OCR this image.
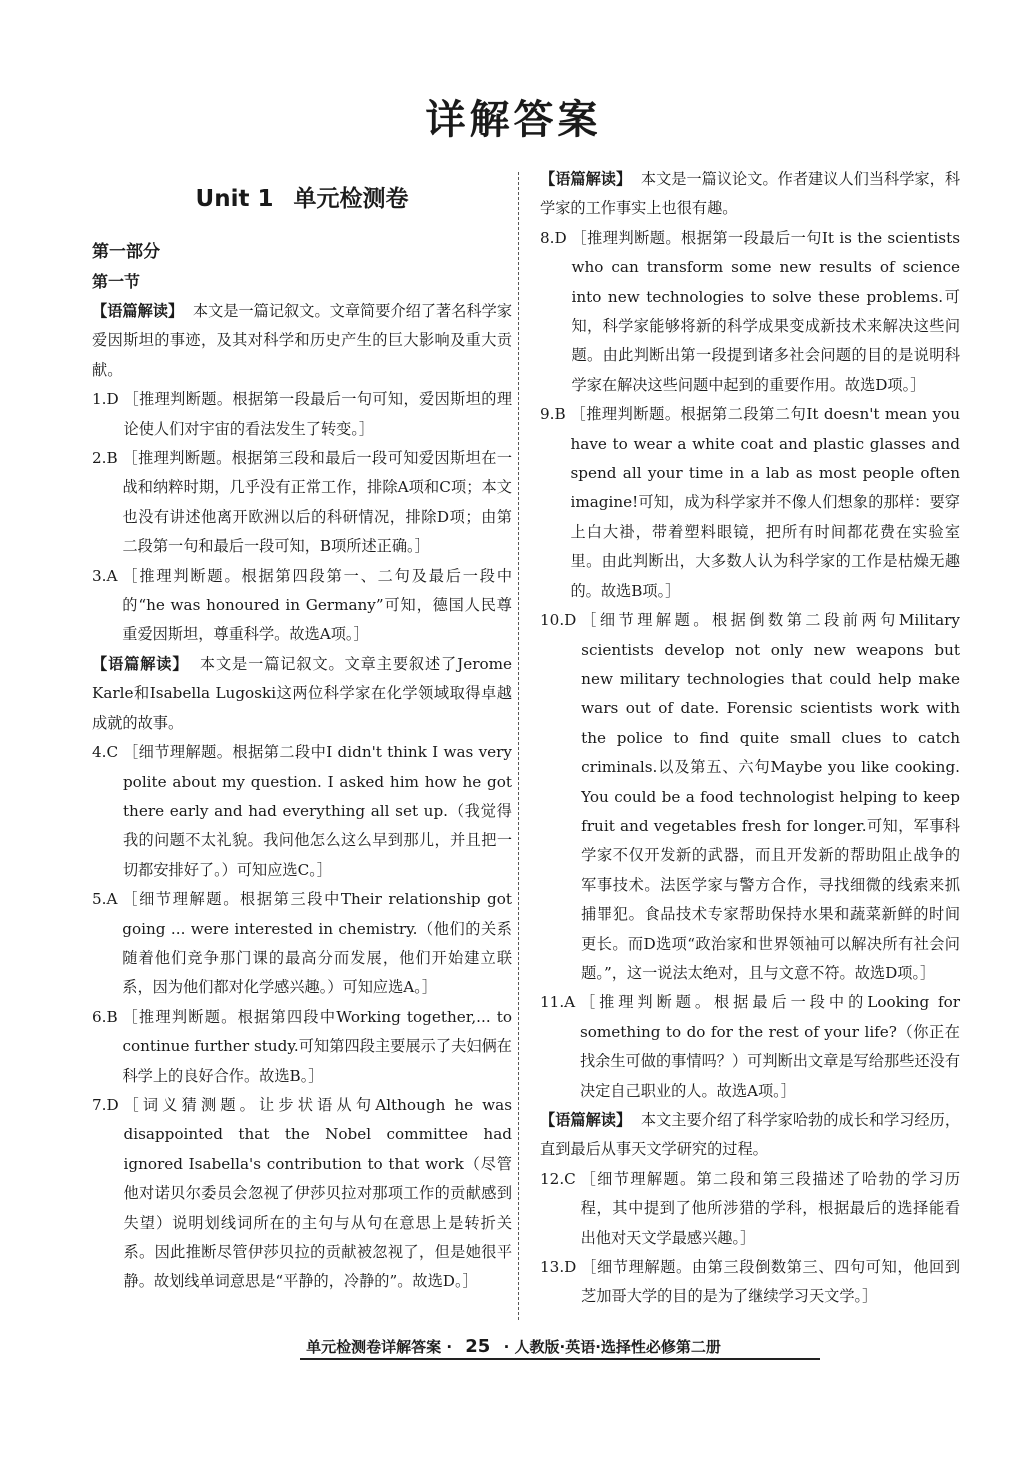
详解答案
Unit 1 单元检测卷
第一部分
第一节
【语篇解读】 本文是一篇记叙文。文章简要介绍了著名科学家爱因斯坦的事迹，及其对科学和历史产生的巨大影响及重大贡献。
1.D
［推理判断题。根据第一段最后一句可知，爱因斯坦的理论使人们对宇宙的看法发生了转变。］
2.B
［推理判断题。根据第三段和最后一段可知爱因斯坦在一战和纳粹时期，几乎没有正常工作，排除A项和C项；本文也没有讲述他离开欧洲以后的科研情况，排除D项；由第二段第一句和最后一段可知，B项所述正确。］
3.A
［推理判断题。根据第四段第一、二句及最后一段中的“he was honoured in Germany”可知，德国人民尊重爱因斯坦，尊重科学。故选A项。］
【语篇解读】 本文是一篇记叙文。文章主要叙述了Jerome Karle和Isabella Lugoski这两位科学家在化学领域取得卓越成就的故事。
4.C
［细节理解题。根据第二段中I didn't think I was very polite about my question. I asked him how he got there early and had everything all set up.（我觉得我的问题不太礼貌。我问他怎么这么早到那儿，并且把一切都安排好了。）可知应选C。］
5.A
［细节理解题。根据第三段中Their relationship got going ... were interested in chemistry.（他们的关系随着他们竞争那门课的最高分而发展，他们开始建立联系，因为他们都对化学感兴趣。）可知应选A。］
6.B
［推理判断题。根据第四段中Working together,... to continue further study.可知第四段主要展示了夫妇俩在科学上的良好合作。故选B。］
7.D
［词义猜测题。让步状语从句Although he was disappointed that the Nobel committee had ignored Isabella's contribution to that work（尽管他对诺贝尔委员会忽视了伊莎贝拉对那项工作的贡献感到失望）说明划线词所在的主句与从句在意思上是转折关系。因此推断尽管伊莎贝拉的贡献被忽视了，但是她很平静。故划线单词意思是“平静的，冷静的”。故选D。］
【语篇解读】 本文是一篇议论文。作者建议人们当科学家，科学家的工作事实上也很有趣。
8.D
［推理判断题。根据第一段最后一句It is the scientists who can transform some new results of science into new technologies to solve these problems.可知，科学家能够将新的科学成果变成新技术来解决这些问题。由此判断出第一段提到诸多社会问题的目的是说明科学家在解决这些问题中起到的重要作用。故选D项。］
9.B
［推理判断题。根据第二段第二句It doesn't mean you have to wear a white coat and plastic glasses and spend all your time in a lab as most people often imagine!可知，成为科学家并不像人们想象的那样：要穿上白大褂，带着塑料眼镜，把所有时间都花费在实验室里。由此判断出，大多数人认为科学家的工作是枯燥无趣的。故选B项。］
10.D
［细节理解题。根据倒数第二段前两句Military scientists develop not only new weapons but new military technologies that could help make wars out of date. Forensic scientists work with the police to find quite small clues to catch criminals.以及第五、六句Maybe you like cooking. You could be a food technologist helping to keep fruit and vegetables fresh for longer.可知，军事科学家不仅开发新的武器，而且开发新的帮助阻止战争的军事技术。法医学家与警方合作，寻找细微的线索来抓捕罪犯。食品技术专家帮助保持水果和蔬菜新鲜的时间更长。而D选项“政治家和世界领袖可以解决所有社会问题。”，这一说法太绝对，且与文意不符。故选D项。］
11.A
［推理判断题。根据最后一段中的Looking for something to do for the rest of your life?（你正在找余生可做的事情吗？）可判断出文章是写给那些还没有决定自己职业的人。故选A项。］
【语篇解读】 本文主要介绍了科学家哈勃的成长和学习经历，直到最后从事天文学研究的过程。
12.C
［细节理解题。第二段和第三段描述了哈勃的学习历程，其中提到了他所涉猎的学科，根据最后的选择能看出他对天文学最感兴趣。］
13.D
［细节理解题。由第三段倒数第三、四句可知，他回到芝加哥大学的目的是为了继续学习天文学。］
单元检测卷详解答案 · 25 · 人教版·英语·选择性必修第二册
